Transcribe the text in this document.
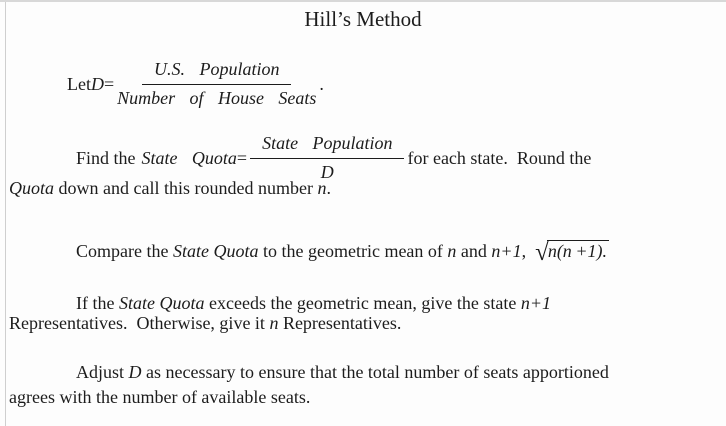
Hill’s Method
Let $D = \frac{\text{U.S. Population}}{\text{Number of House Seats}}$ .
Find the State Quota = $\frac{\text{State Population}}{D}$ for each state.  Round the
Quota down and call this rounded number n.
Compare the State Quota to the geometric mean of n and n+1,  √n(n +1).
If the State Quota exceeds the geometric mean, give the state n+1
Representatives.  Otherwise, give it n Representatives.
Adjust D as necessary to ensure that the total number of seats apportioned
agrees with the number of available seats.
